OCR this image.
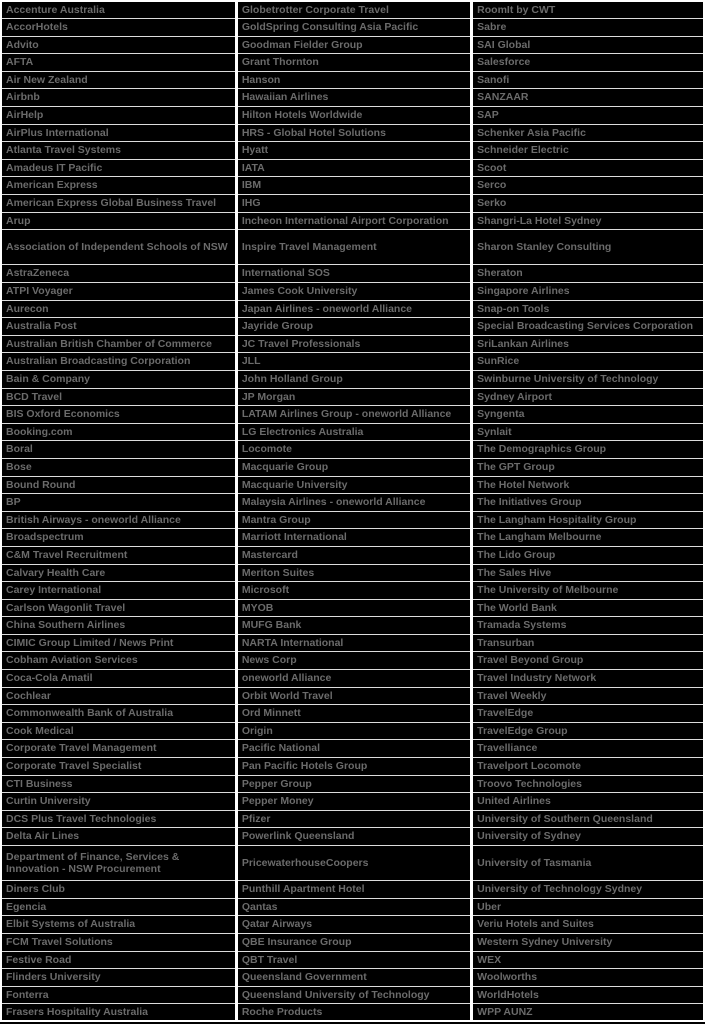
Accenture Australia	Globetrotter Corporate Travel	RoomIt by CWT
AccorHotels	GoldSpring Consulting Asia Pacific	Sabre
Advito	Goodman Fielder Group	SAI Global
AFTA	Grant Thornton	Salesforce
Air New Zealand	Hanson	Sanofi
Airbnb	Hawaiian Airlines	SANZAAR
AirHelp	Hilton Hotels Worldwide	SAP
AirPlus International	HRS - Global Hotel Solutions	Schenker Asia Pacific
Atlanta Travel Systems	Hyatt	Schneider Electric
Amadeus IT Pacific	IATA	Scoot
American Express	IBM	Serco
American Express Global Business Travel	IHG	Serko
Arup	Incheon International Airport Corporation	Shangri-La Hotel Sydney
Association of Independent Schools of NSW	Inspire Travel Management	Sharon Stanley Consulting
AstraZeneca	International SOS	Sheraton
ATPI Voyager	James Cook University	Singapore Airlines
Aurecon	Japan Airlines - oneworld Alliance	Snap-on Tools
Australia Post	Jayride Group	Special Broadcasting Services Corporation
Australian British Chamber of Commerce	JC Travel Professionals	SriLankan Airlines
Australian Broadcasting Corporation	JLL	SunRice
Bain & Company	John Holland Group	Swinburne University of Technology
BCD Travel	JP Morgan	Sydney Airport
BIS Oxford Economics	LATAM Airlines Group - oneworld Alliance	Syngenta
Booking.com	LG Electronics Australia	Synlait
Boral	Locomote	The Demographics Group
Bose	Macquarie Group	The GPT Group
Bound Round	Macquarie University	The Hotel Network
BP	Malaysia Airlines - oneworld Alliance	The Initiatives Group
British Airways - oneworld Alliance	Mantra Group	The Langham Hospitality Group
Broadspectrum	Marriott International	The Langham Melbourne
C&M Travel Recruitment	Mastercard	The Lido Group
Calvary Health Care	Meriton Suites	The Sales Hive
Carey International	Microsoft	The University of Melbourne
Carlson Wagonlit Travel	MYOB	The World Bank
China Southern Airlines	MUFG Bank	Tramada Systems
CIMIC Group Limited / News Print	NARTA International	Transurban
Cobham Aviation Services	News Corp	Travel Beyond Group
Coca-Cola Amatil	oneworld Alliance	Travel Industry Network
Cochlear	Orbit World Travel	Travel Weekly
Commonwealth Bank of Australia	Ord Minnett	TravelEdge
Cook Medical	Origin	TravelEdge Group
Corporate Travel Management	Pacific National	Travelliance
Corporate Travel Specialist	Pan Pacific Hotels Group	Travelport Locomote
CTI Business	Pepper Group	Troovo Technologies
Curtin University	Pepper Money	United Airlines
DCS Plus Travel Technologies	Pfizer	University of Southern Queensland
Delta Air Lines	Powerlink Queensland	University of Sydney
Department of Finance, Services & Innovation - NSW Procurement	PricewaterhouseCoopers	University of Tasmania
Diners Club	Punthill Apartment Hotel	University of Technology Sydney
Egencia	Qantas	Uber
Elbit Systems of Australia	Qatar Airways	Veriu Hotels and Suites
FCM Travel Solutions	QBE Insurance Group	Western Sydney University
Festive Road	QBT Travel	WEX
Flinders University	Queensland Government	Woolworths
Fonterra	Queensland University of Technology	WorldHotels
Frasers Hospitality Australia	Roche Products	WPP AUNZ
